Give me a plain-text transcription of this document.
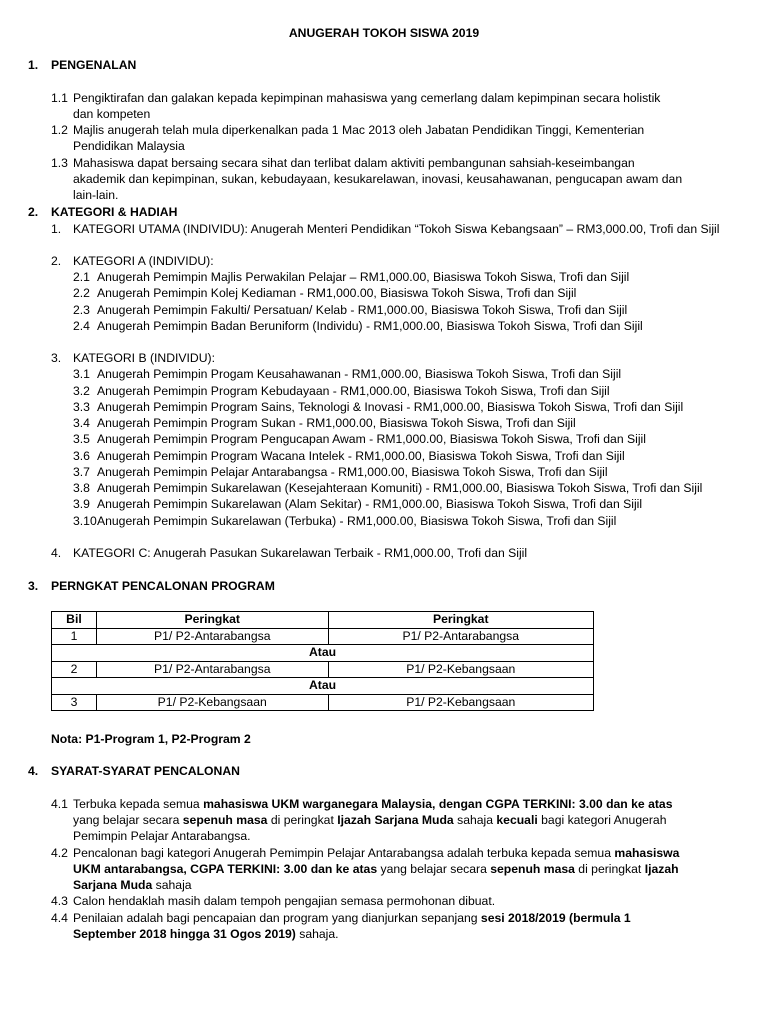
ANUGERAH TOKOH SISWA 2019
1. PENGENALAN
1.1 Pengiktirafan dan galakan kepada kepimpinan mahasiswa yang cemerlang dalam kepimpinan secara holistik dan kompeten
1.2 Majlis anugerah telah mula diperkenalkan pada 1 Mac 2013 oleh Jabatan Pendidikan Tinggi, Kementerian Pendidikan Malaysia
1.3 Mahasiswa dapat bersaing secara sihat dan terlibat dalam aktiviti pembangunan sahsiah-keseimbangan akademik dan kepimpinan, sukan, kebudayaan, kesukarelawan, inovasi, keusahawanan, pengucapan awam dan lain-lain.
2. KATEGORI & HADIAH
1. KATEGORI UTAMA (INDIVIDU): Anugerah Menteri Pendidikan “Tokoh Siswa Kebangsaan” – RM3,000.00, Trofi dan Sijil
2. KATEGORI A (INDIVIDU):
2.1 Anugerah Pemimpin Majlis Perwakilan Pelajar – RM1,000.00, Biasiswa Tokoh Siswa, Trofi dan Sijil
2.2 Anugerah Pemimpin Kolej Kediaman - RM1,000.00, Biasiswa Tokoh Siswa, Trofi dan Sijil
2.3 Anugerah Pemimpin Fakulti/ Persatuan/ Kelab - RM1,000.00, Biasiswa Tokoh Siswa, Trofi dan Sijil
2.4 Anugerah Pemimpin Badan Beruniform (Individu) - RM1,000.00, Biasiswa Tokoh Siswa, Trofi dan Sijil
3. KATEGORI B (INDIVIDU):
3.1 Anugerah Pemimpin Progam Keusahawanan - RM1,000.00, Biasiswa Tokoh Siswa, Trofi dan Sijil
3.2 Anugerah Pemimpin Program Kebudayaan - RM1,000.00, Biasiswa Tokoh Siswa, Trofi dan Sijil
3.3 Anugerah Pemimpin Program Sains, Teknologi & Inovasi - RM1,000.00, Biasiswa Tokoh Siswa, Trofi dan Sijil
3.4 Anugerah Pemimpin Program Sukan - RM1,000.00, Biasiswa Tokoh Siswa, Trofi dan Sijil
3.5 Anugerah Pemimpin Program Pengucapan Awam - RM1,000.00, Biasiswa Tokoh Siswa, Trofi dan Sijil
3.6 Anugerah Pemimpin Program Wacana Intelek - RM1,000.00, Biasiswa Tokoh Siswa, Trofi dan Sijil
3.7 Anugerah Pemimpin Pelajar Antarabangsa - RM1,000.00, Biasiswa Tokoh Siswa, Trofi dan Sijil
3.8 Anugerah Pemimpin Sukarelawan (Kesejahteraan Komuniti) - RM1,000.00, Biasiswa Tokoh Siswa, Trofi dan Sijil
3.9 Anugerah Pemimpin Sukarelawan (Alam Sekitar) - RM1,000.00, Biasiswa Tokoh Siswa, Trofi dan Sijil
3.10Anugerah Pemimpin Sukarelawan (Terbuka) - RM1,000.00, Biasiswa Tokoh Siswa, Trofi dan Sijil
4. KATEGORI C: Anugerah Pasukan Sukarelawan Terbaik - RM1,000.00, Trofi dan Sijil
3. PERNGKAT PENCALONAN PROGRAM
Bil	Peringkat	Peringkat
1	P1/ P2-Antarabangsa	P1/ P2-Antarabangsa
Atau		
2	P1/ P2-Antarabangsa	P1/ P2-Kebangsaan
Atau		
3	P1/ P2-Kebangsaan	P1/ P2-Kebangsaan
Nota: P1-Program 1, P2-Program 2
4. SYARAT-SYARAT PENCALONAN
4.1 Terbuka kepada semua mahasiswa UKM warganegara Malaysia, dengan CGPA TERKINI: 3.00 dan ke atas yang belajar secara sepenuh masa di peringkat Ijazah Sarjana Muda sahaja kecuali bagi kategori Anugerah Pemimpin Pelajar Antarabangsa.
4.2 Pencalonan bagi kategori Anugerah Pemimpin Pelajar Antarabangsa adalah terbuka kepada semua mahasiswa UKM antarabangsa, CGPA TERKINI: 3.00 dan ke atas yang belajar secara sepenuh masa di peringkat Ijazah Sarjana Muda sahaja
4.3 Calon hendaklah masih dalam tempoh pengajian semasa permohonan dibuat.
4.4 Penilaian adalah bagi pencapaian dan program yang dianjurkan sepanjang sesi 2018/2019 (bermula 1 September 2018 hingga 31 Ogos 2019) sahaja.
